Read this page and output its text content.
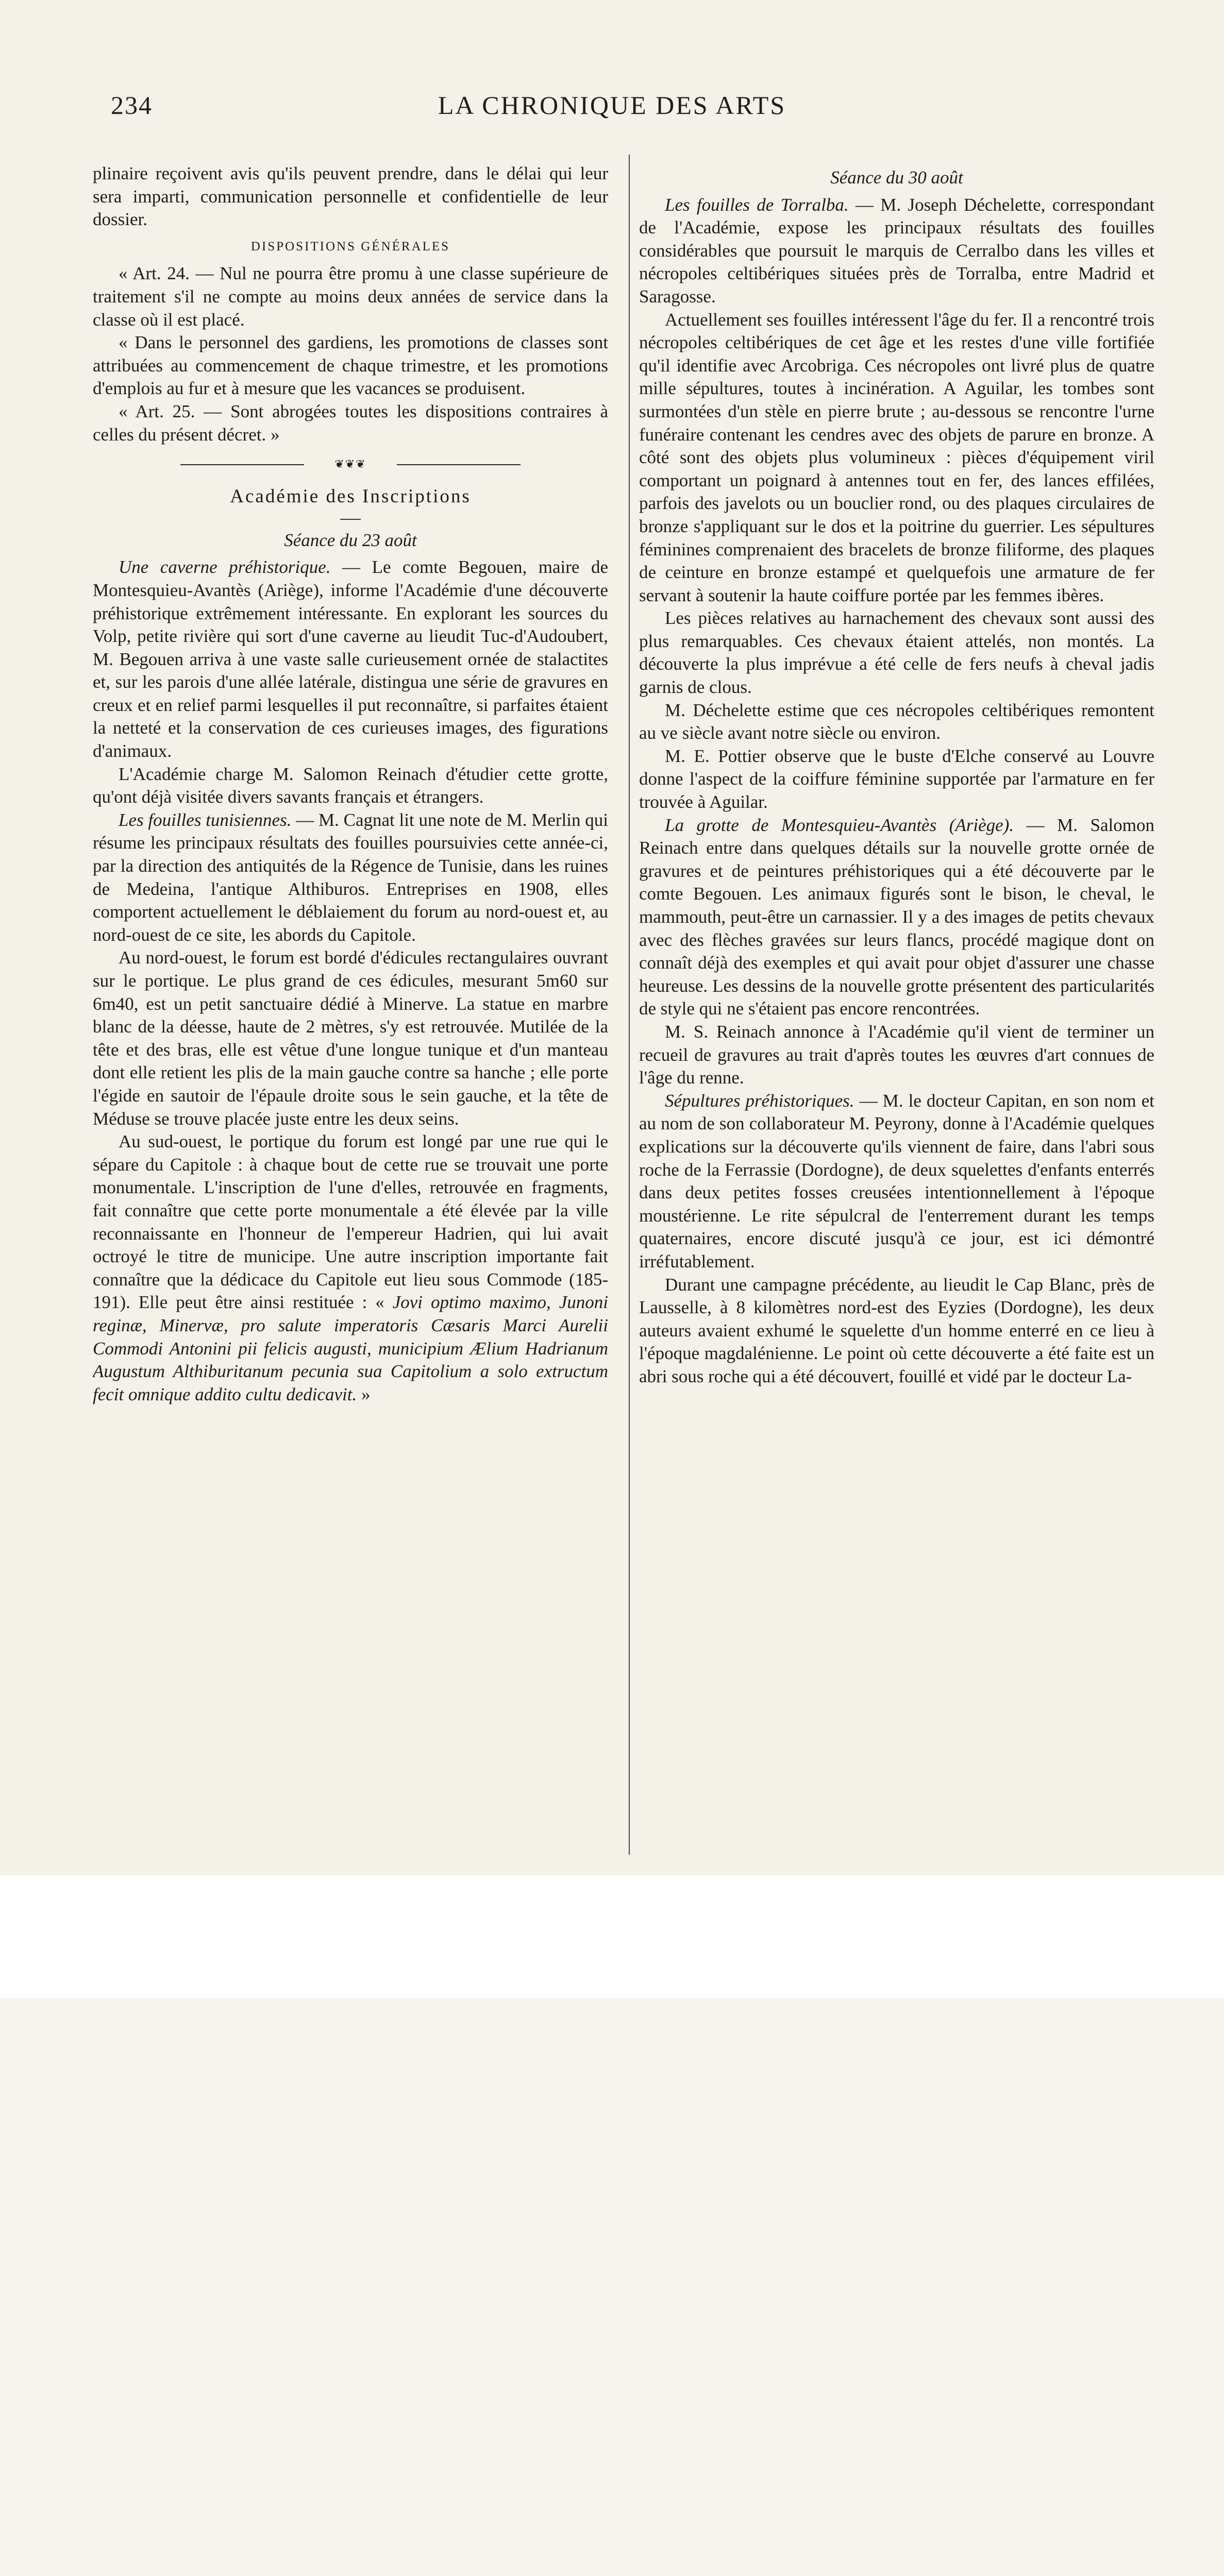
234	LA CHRONIQUE DES ARTS

plinaire reçoivent avis qu'ils peuvent prendre, dans le délai qui leur sera imparti, communication personnelle et confidentielle de leur dossier.

DISPOSITIONS GÉNÉRALES

« Art. 24. — Nul ne pourra être promu à une classe supérieure de traitement s'il ne compte au moins deux années de service dans la classe où il est placé.

« Dans le personnel des gardiens, les promotions de classes sont attribuées au commencement de chaque trimestre, et les promotions d'emplois au fur et à mesure que les vacances se produisent.

« Art. 25. — Sont abrogées toutes les dispositions contraires à celles du présent décret. »

❦❦❦

Académie des Inscriptions

Séance du 23 août

Une caverne préhistorique. — Le comte Begouen, maire de Montesquieu-Avantès (Ariège), informe l'Académie d'une découverte préhistorique extrêmement intéressante. En explorant les sources du Volp, petite rivière qui sort d'une caverne au lieudit Tuc-d'Audoubert, M. Begouen arriva à une vaste salle curieusement ornée de stalactites et, sur les parois d'une allée latérale, distingua une série de gravures en creux et en relief parmi lesquelles il put reconnaître, si parfaites étaient la netteté et la conservation de ces curieuses images, des figurations d'animaux.

L'Académie charge M. Salomon Reinach d'étudier cette grotte, qu'ont déjà visitée divers savants français et étrangers.

Les fouilles tunisiennes. — M. Cagnat lit une note de M. Merlin qui résume les principaux résultats des fouilles poursuivies cette année-ci, par la direction des antiquités de la Régence de Tunisie, dans les ruines de Medeina, l'antique Althiburos. Entreprises en 1908, elles comportent actuellement le déblaiement du forum au nord-ouest et, au nord-ouest de ce site, les abords du Capitole.

Au nord-ouest, le forum est bordé d'édicules rectangulaires ouvrant sur le portique. Le plus grand de ces édicules, mesurant 5m60 sur 6m40, est un petit sanctuaire dédié à Minerve. La statue en marbre blanc de la déesse, haute de 2 mètres, s'y est retrouvée. Mutilée de la tête et des bras, elle est vêtue d'une longue tunique et d'un manteau dont elle retient les plis de la main gauche contre sa hanche ; elle porte l'égide en sautoir de l'épaule droite sous le sein gauche, et la tête de Méduse se trouve placée juste entre les deux seins.

Au sud-ouest, le portique du forum est longé par une rue qui le sépare du Capitole : à chaque bout de cette rue se trouvait une porte monumentale. L'inscription de l'une d'elles, retrouvée en fragments, fait connaître que cette porte monumentale a été élevée par la ville reconnaissante en l'honneur de l'empereur Hadrien, qui lui avait octroyé le titre de municipe. Une autre inscription importante fait connaître que la dédicace du Capitole eut lieu sous Commode (185-191). Elle peut être ainsi restituée : « Jovi optimo maximo, Junoni reginæ, Minervæ, pro salute imperatoris Cæsaris Marci Aurelii Commodi Antonini pii felicis augusti, municipium Ælium Hadrianum Augustum Althiburitanum pecunia sua Capitolium a solo extructum fecit omnique addito cultu dedicavit. »

Séance du 30 août

Les fouilles de Torralba. — M. Joseph Déchelette, correspondant de l'Académie, expose les principaux résultats des fouilles considérables que poursuit le marquis de Cerralbo dans les villes et nécropoles celtibériques situées près de Torralba, entre Madrid et Saragosse.

Actuellement ses fouilles intéressent l'âge du fer. Il a rencontré trois nécropoles celtibériques de cet âge et les restes d'une ville fortifiée qu'il identifie avec Arcobriga. Ces nécropoles ont livré plus de quatre mille sépultures, toutes à incinération. A Aguilar, les tombes sont surmontées d'un stèle en pierre brute ; au-dessous se rencontre l'urne funéraire contenant les cendres avec des objets de parure en bronze. A côté sont des objets plus volumineux : pièces d'équipement viril comportant un poignard à antennes tout en fer, des lances effilées, parfois des javelots ou un bouclier rond, ou des plaques circulaires de bronze s'appliquant sur le dos et la poitrine du guerrier. Les sépultures féminines comprenaient des bracelets de bronze filiforme, des plaques de ceinture en bronze estampé et quelquefois une armature de fer servant à soutenir la haute coiffure portée par les femmes ibères.

Les pièces relatives au harnachement des chevaux sont aussi des plus remarquables. Ces chevaux étaient attelés, non montés. La découverte la plus imprévue a été celle de fers neufs à cheval jadis garnis de clous.

M. Déchelette estime que ces nécropoles celtibériques remontent au ve siècle avant notre siècle ou environ.

M. E. Pottier observe que le buste d'Elche conservé au Louvre donne l'aspect de la coiffure féminine supportée par l'armature en fer trouvée à Aguilar.

La grotte de Montesquieu-Avantès (Ariège). — M. Salomon Reinach entre dans quelques détails sur la nouvelle grotte ornée de gravures et de peintures préhistoriques qui a été découverte par le comte Begouen. Les animaux figurés sont le bison, le cheval, le mammouth, peut-être un carnassier. Il y a des images de petits chevaux avec des flèches gravées sur leurs flancs, procédé magique dont on connaît déjà des exemples et qui avait pour objet d'assurer une chasse heureuse. Les dessins de la nouvelle grotte présentent des particularités de style qui ne s'étaient pas encore rencontrées.

M. S. Reinach annonce à l'Académie qu'il vient de terminer un recueil de gravures au trait d'après toutes les œuvres d'art connues de l'âge du renne.

Sépultures préhistoriques. — M. le docteur Capitan, en son nom et au nom de son collaborateur M. Peyrony, donne à l'Académie quelques explications sur la découverte qu'ils viennent de faire, dans l'abri sous roche de la Ferrassie (Dordogne), de deux squelettes d'enfants enterrés dans deux petites fosses creusées intentionnellement à l'époque moustérienne. Le rite sépulcral de l'enterrement durant les temps quaternaires, encore discuté jusqu'à ce jour, est ici démontré irréfutablement.

Durant une campagne précédente, au lieudit le Cap Blanc, près de Lausselle, à 8 kilomètres nord-est des Eyzies (Dordogne), les deux auteurs avaient exhumé le squelette d'un homme enterré en ce lieu à l'époque magdalénienne. Le point où cette découverte a été faite est un abri sous roche qui a été découvert, fouillé et vidé par le docteur La-
